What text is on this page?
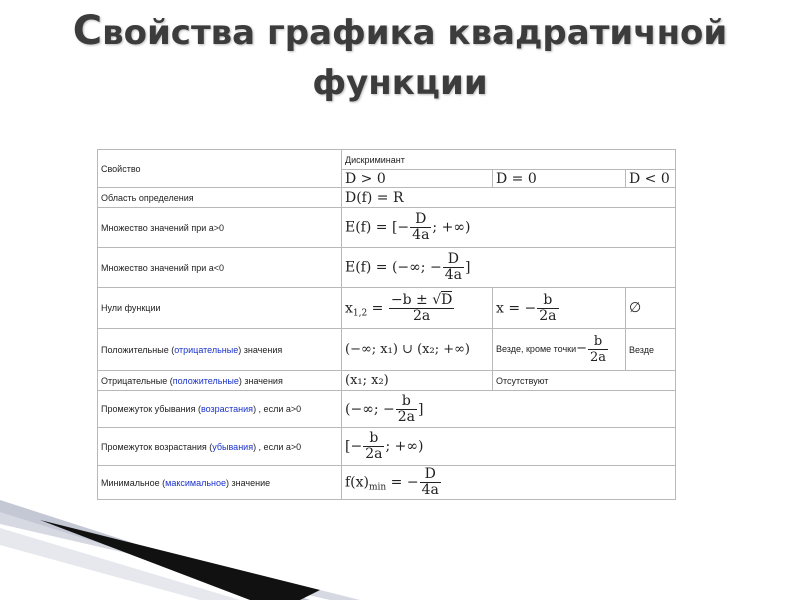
Свойства графика квадратичной
функции
Свойство	Дискриминант		
	D > 0	D = 0	D < 0
Область определения	D(f) = R		
Множество значений при a>0	E(f) = [− $\frac{D}{4a}$ ; +∞)		
Множество значений при a<0	E(f) = (−∞; − $\frac{D}{4a}$ ]		
Нули функции	$x_{1,2} = \frac{-b \pm √D}{2a}$	x = − $\frac{b}{2a}$	∅
Положительные (отрицательные) значения	(−∞; x₁) ∪ (x₂; +∞)	Везде, кроме точки− $\frac{b}{2a}$	Везде
Отрицательные (положительные) значения	(x₁; x₂)	Отсутствуют	
Промежуток убывания (возрастания) , если a>0	(−∞; − $\frac{b}{2a}$ ]		
Промежуток возрастания (убывания) , если a>0	[− $\frac{b}{2a}$ ; +∞)		
Минимальное (максимальное) значение	$f(x)_{min}$ = − $\frac{D}{4a}$
